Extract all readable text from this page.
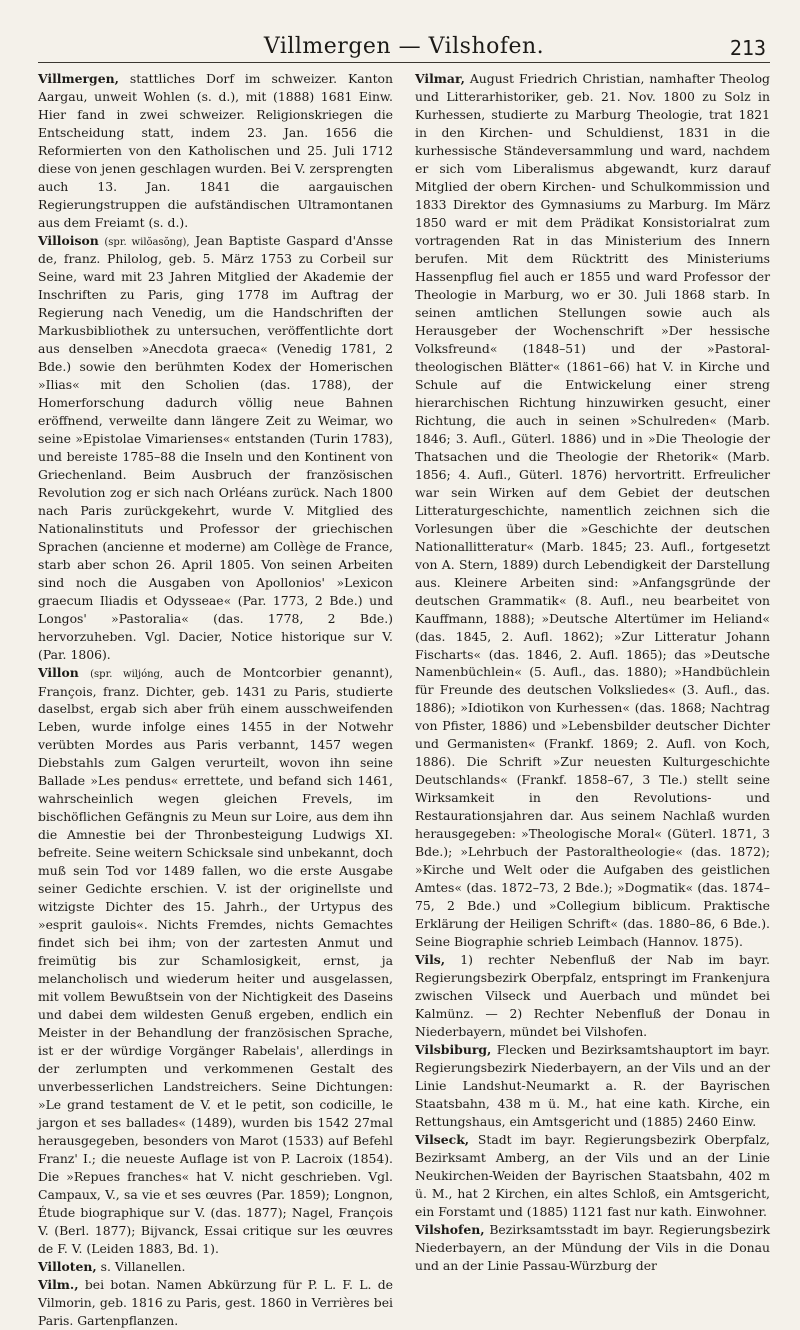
Villmergen — Vilshofen.	213

Villmergen, stattliches Dorf im schweizer. Kanton Aargau, unweit Wohlen (s. d.), mit (1888) 1681 Einw. Hier fand in zwei schweizer. Religionskriegen die Entscheidung statt, indem 23. Jan. 1656 die Reformierten von den Katholischen und 25. Juli 1712 diese von jenen geschlagen wurden. Bei V. zersprengten auch 13. Jan. 1841 die aargauischen Regierungstruppen die aufständischen Ultramontanen aus dem Freiamt (s. d.).

Villoison (spr. wilŏasŏng), Jean Baptiste Gaspard d'Ansse de, franz. Philolog, geb. 5. März 1753 zu Corbeil sur Seine, ward mit 23 Jahren Mitglied der Akademie der Inschriften zu Paris, ging 1778 im Auftrag der Regierung nach Venedig, um die Handschriften der Markusbibliothek zu untersuchen, veröffentlichte dort aus denselben »Anecdota graeca« (Venedig 1781, 2 Bde.) sowie den berühmten Kodex der Homerischen »Ilias« mit den Scholien (das. 1788), der Homerforschung dadurch völlig neue Bahnen eröffnend, verweilte dann längere Zeit zu Weimar, wo seine »Epistolae Vimarienses« entstanden (Turin 1783), und bereiste 1785–88 die Inseln und den Kontinent von Griechenland. Beim Ausbruch der französischen Revolution zog er sich nach Orléans zurück. Nach 1800 nach Paris zurückgekehrt, wurde V. Mitglied des Nationalinstituts und Professor der griechischen Sprachen (ancienne et moderne) am Collège de France, starb aber schon 26. April 1805. Von seinen Arbeiten sind noch die Ausgaben von Apollonios' »Lexicon graecum Iliadis et Odysseae« (Par. 1773, 2 Bde.) und Longos' »Pastoralia« (das. 1778, 2 Bde.) hervorzuheben. Vgl. Dacier, Notice historique sur V. (Par. 1806).

Villon (spr. wiljóng, auch de Montcorbier genannt), François, franz. Dichter, geb. 1431 zu Paris, studierte daselbst, ergab sich aber früh einem ausschweifenden Leben, wurde infolge eines 1455 in der Notwehr verübten Mordes aus Paris verbannt, 1457 wegen Diebstahls zum Galgen verurteilt, wovon ihn seine Ballade »Les pendus« errettete, und befand sich 1461, wahrscheinlich wegen gleichen Frevels, im bischöflichen Gefängnis zu Meun sur Loire, aus dem ihn die Amnestie bei der Thronbesteigung Ludwigs XI. befreite. Seine weitern Schicksale sind unbekannt, doch muß sein Tod vor 1489 fallen, wo die erste Ausgabe seiner Gedichte erschien. V. ist der originellste und witzigste Dichter des 15. Jahrh., der Urtypus des »esprit gaulois«. Nichts Fremdes, nichts Gemachtes findet sich bei ihm; von der zartesten Anmut und freimütig bis zur Schamlosigkeit, ernst, ja melancholisch und wiederum heiter und ausgelassen, mit vollem Bewußtsein von der Nichtigkeit des Daseins und dabei dem wildesten Genuß ergeben, endlich ein Meister in der Behandlung der französischen Sprache, ist er der würdige Vorgänger Rabelais', allerdings in der zerlumpten und verkommenen Gestalt des unverbesserlichen Landstreichers. Seine Dichtungen: »Le grand testament de V. et le petit, son codicille, le jargon et ses ballades« (1489), wurden bis 1542 27mal herausgegeben, besonders von Marot (1533) auf Befehl Franz' I.; die neueste Auflage ist von P. Lacroix (1854). Die »Repues franches« hat V. nicht geschrieben. Vgl. Campaux, V., sa vie et ses œuvres (Par. 1859); Longnon, Étude biographique sur V. (das. 1877); Nagel, François V. (Berl. 1877); Bijvanck, Essai critique sur les œuvres de F. V. (Leiden 1883, Bd. 1).

Villoten, s. Villanellen.

Vilm., bei botan. Namen Abkürzung für P. L. F. L. de Vilmorin, geb. 1816 zu Paris, gest. 1860 in Verrières bei Paris. Gartenpflanzen.

Vilmar, August Friedrich Christian, namhafter Theolog und Litterarhistoriker, geb. 21. Nov. 1800 zu Solz in Kurhessen, studierte zu Marburg Theologie, trat 1821 in den Kirchen- und Schuldienst, 1831 in die kurhessische Ständeversammlung und ward, nachdem er sich vom Liberalismus abgewandt, kurz darauf Mitglied der obern Kirchen- und Schulkommission und 1833 Direktor des Gymnasiums zu Marburg. Im März 1850 ward er mit dem Prädikat Konsistorialrat zum vortragenden Rat in das Ministerium des Innern berufen. Mit dem Rücktritt des Ministeriums Hassenpflug fiel auch er 1855 und ward Professor der Theologie in Marburg, wo er 30. Juli 1868 starb. In seinen amtlichen Stellungen sowie auch als Herausgeber der Wochenschrift »Der hessische Volksfreund« (1848–51) und der »Pastoral-theologischen Blätter« (1861–66) hat V. in Kirche und Schule auf die Entwickelung einer streng hierarchischen Richtung hinzuwirken gesucht, einer Richtung, die auch in seinen »Schulreden« (Marb. 1846; 3. Aufl., Güterl. 1886) und in »Die Theologie der Thatsachen und die Theologie der Rhetorik« (Marb. 1856; 4. Aufl., Güterl. 1876) hervortritt. Erfreulicher war sein Wirken auf dem Gebiet der deutschen Litteraturgeschichte, namentlich zeichnen sich die Vorlesungen über die »Geschichte der deutschen Nationallitteratur« (Marb. 1845; 23. Aufl., fortgesetzt von A. Stern, 1889) durch Lebendigkeit der Darstellung aus. Kleinere Arbeiten sind: »Anfangsgründe der deutschen Grammatik« (8. Aufl., neu bearbeitet von Kauffmann, 1888); »Deutsche Altertümer im Heliand« (das. 1845, 2. Aufl. 1862); »Zur Litteratur Johann Fischarts« (das. 1846, 2. Aufl. 1865); das »Deutsche Namenbüchlein« (5. Aufl., das. 1880); »Handbüchlein für Freunde des deutschen Volksliedes« (3. Aufl., das. 1886); »Idiotikon von Kurhessen« (das. 1868; Nachtrag von Pfister, 1886) und »Lebensbilder deutscher Dichter und Germanisten« (Frankf. 1869; 2. Aufl. von Koch, 1886). Die Schrift »Zur neuesten Kulturgeschichte Deutschlands« (Frankf. 1858–67, 3 Tle.) stellt seine Wirksamkeit in den Revolutions- und Restaurationsjahren dar. Aus seinem Nachlaß wurden herausgegeben: »Theologische Moral« (Güterl. 1871, 3 Bde.); »Lehrbuch der Pastoraltheologie« (das. 1872); »Kirche und Welt oder die Aufgaben des geistlichen Amtes« (das. 1872–73, 2 Bde.); »Dogmatik« (das. 1874–75, 2 Bde.) und »Collegium biblicum. Praktische Erklärung der Heiligen Schrift« (das. 1880–86, 6 Bde.). Seine Biographie schrieb Leimbach (Hannov. 1875).

Vils, 1) rechter Nebenfluß der Nab im bayr. Regierungsbezirk Oberpfalz, entspringt im Frankenjura zwischen Vilseck und Auerbach und mündet bei Kalmünz. — 2) Rechter Nebenfluß der Donau in Niederbayern, mündet bei Vilshofen.

Vilsbiburg, Flecken und Bezirksamtshauptort im bayr. Regierungsbezirk Niederbayern, an der Vils und an der Linie Landshut-Neumarkt a. R. der Bayrischen Staatsbahn, 438 m ü. M., hat eine kath. Kirche, ein Rettungshaus, ein Amtsgericht und (1885) 2460 Einw.

Vilseck, Stadt im bayr. Regierungsbezirk Oberpfalz, Bezirksamt Amberg, an der Vils und an der Linie Neukirchen-Weiden der Bayrischen Staatsbahn, 402 m ü. M., hat 2 Kirchen, ein altes Schloß, ein Amtsgericht, ein Forstamt und (1885) 1121 fast nur kath. Einwohner.

Vilshofen, Bezirksamtsstadt im bayr. Regierungsbezirk Niederbayern, an der Mündung der Vils in die Donau und an der Linie Passau-Würzburg der
